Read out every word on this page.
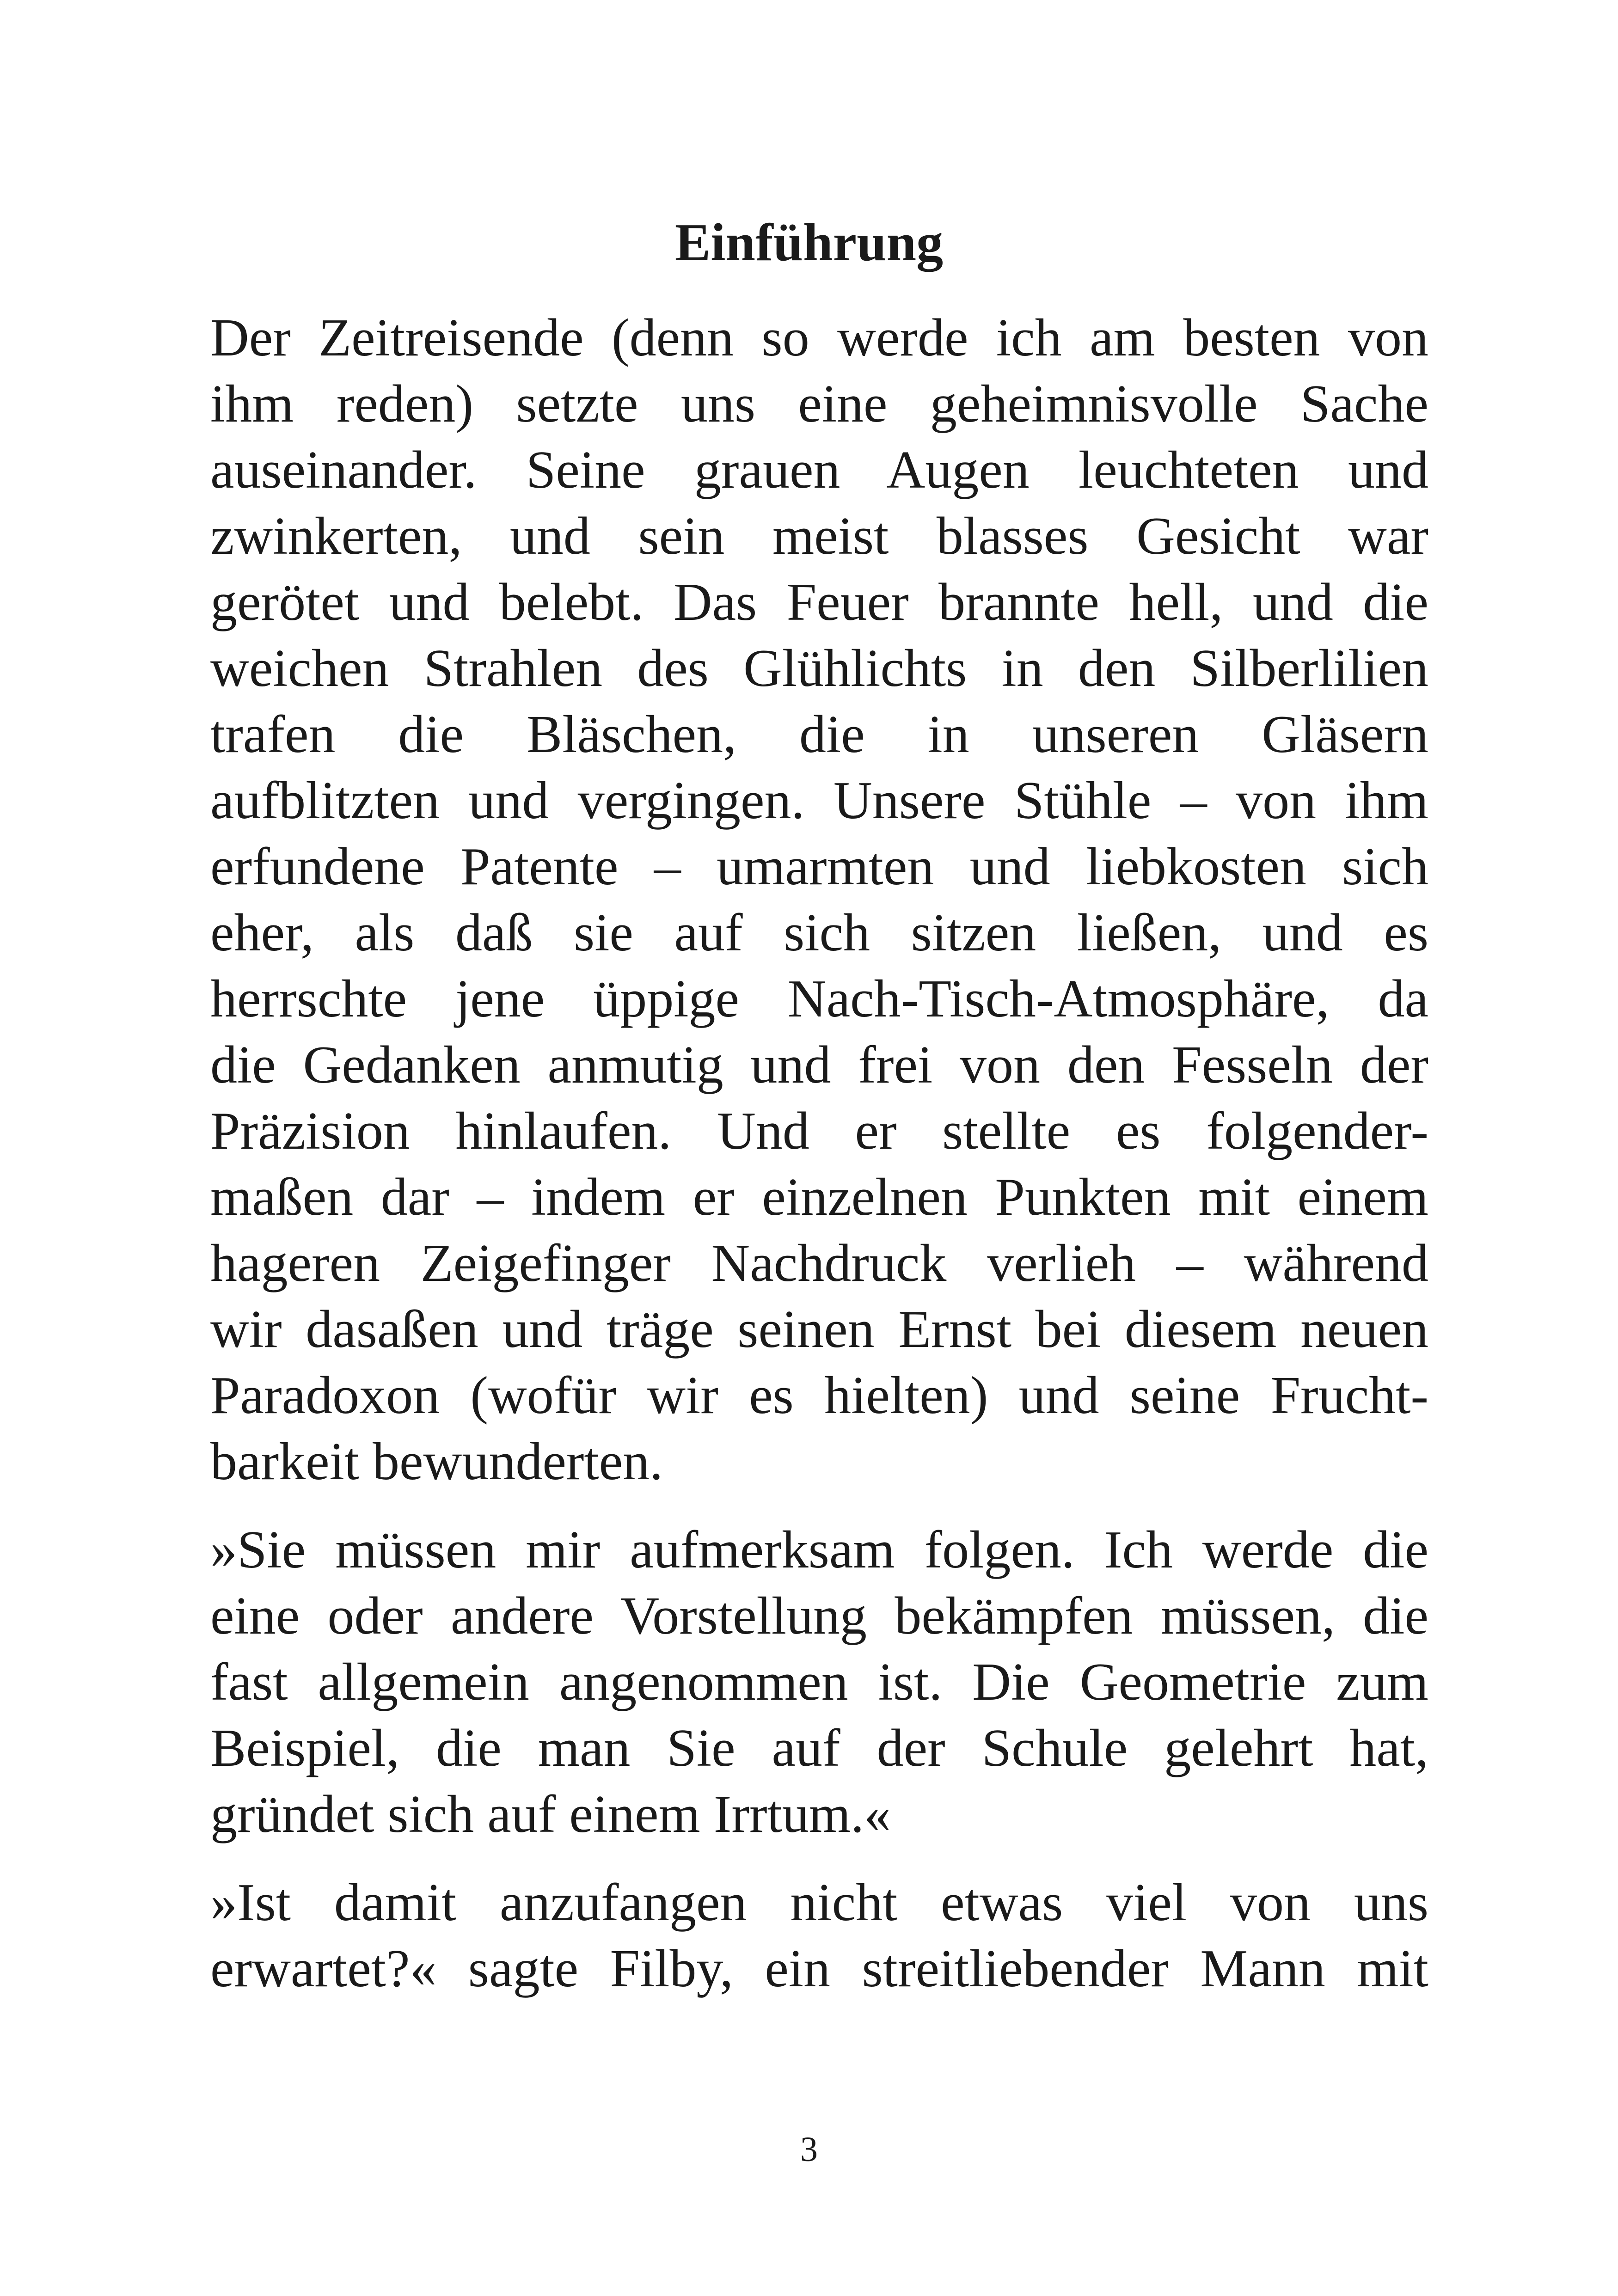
Einführung
Der Zeitreisende (denn so werde ich am besten von
ihm reden) setzte uns eine geheimnisvolle Sache
auseinander. Seine grauen Augen leuchteten und
zwinkerten, und sein meist blasses Gesicht war
gerötet und belebt. Das Feuer brannte hell, und die
weichen Strahlen des Glühlichts in den Silberlilien
trafen die Bläschen, die in unseren Gläsern
aufblitzten und vergingen. Unsere Stühle – von ihm
erfundene Patente – umarmten und liebkosten sich
eher, als daß sie auf sich sitzen ließen, und es
herrschte jene üppige Nach-Tisch-Atmosphäre, da
die Gedanken anmutig und frei von den Fesseln der
Präzision hinlaufen. Und er stellte es folgender-
maßen dar – indem er einzelnen Punkten mit einem
hageren Zeigefinger Nachdruck verlieh – während
wir dasaßen und träge seinen Ernst bei diesem neuen
Paradoxon (wofür wir es hielten) und seine Frucht-
barkeit bewunderten.
»Sie müssen mir aufmerksam folgen. Ich werde die
eine oder andere Vorstellung bekämpfen müssen, die
fast allgemein angenommen ist. Die Geometrie zum
Beispiel, die man Sie auf der Schule gelehrt hat,
gründet sich auf einem Irrtum.«
»Ist damit anzufangen nicht etwas viel von uns
erwartet?« sagte Filby, ein streitliebender Mann mit
3
